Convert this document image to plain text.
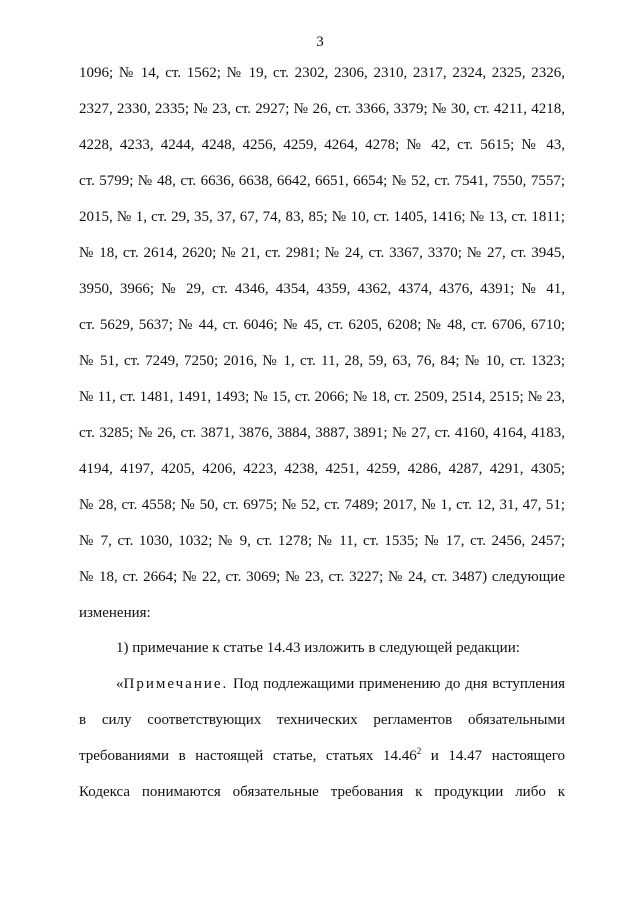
3
1096; № 14, ст. 1562; № 19, ст. 2302, 2306, 2310, 2317, 2324, 2325, 2326,
2327, 2330, 2335; № 23, ст. 2927; № 26, ст. 3366, 3379; № 30, ст. 4211, 4218,
4228, 4233, 4244, 4248, 4256, 4259, 4264, 4278; № 42, ст. 5615; № 43,
ст. 5799; № 48, ст. 6636, 6638, 6642, 6651, 6654; № 52, ст. 7541, 7550, 7557;
2015, № 1, ст. 29, 35, 37, 67, 74, 83, 85; № 10, ст. 1405, 1416; № 13, ст. 1811;
№ 18, ст. 2614, 2620; № 21, ст. 2981; № 24, ст. 3367, 3370; № 27, ст. 3945,
3950, 3966; № 29, ст. 4346, 4354, 4359, 4362, 4374, 4376, 4391; № 41,
ст. 5629, 5637; № 44, ст. 6046; № 45, ст. 6205, 6208; № 48, ст. 6706, 6710;
№ 51, ст. 7249, 7250; 2016, № 1, ст. 11, 28, 59, 63, 76, 84; № 10, ст. 1323;
№ 11, ст. 1481, 1491, 1493; № 15, ст. 2066; № 18, ст. 2509, 2514, 2515; № 23,
ст. 3285; № 26, ст. 3871, 3876, 3884, 3887, 3891; № 27, ст. 4160, 4164, 4183,
4194, 4197, 4205, 4206, 4223, 4238, 4251, 4259, 4286, 4287, 4291, 4305;
№ 28, ст. 4558; № 50, ст. 6975; № 52, ст. 7489; 2017, № 1, ст. 12, 31, 47, 51;
№ 7, ст. 1030, 1032; № 9, ст. 1278; № 11, ст. 1535; № 17, ст. 2456, 2457;
№ 18, ст. 2664; № 22, ст. 3069; № 23, ст. 3227; № 24, ст. 3487) следующие
изменения:
1) примечание к статье 14.43 изложить в следующей редакции:
«Примечание. Под подлежащими применению до дня вступления
в силу соответствующих технических регламентов обязательными
требованиями в настоящей статье, статьях 14.46$^2$ и 14.47 настоящего
Кодекса понимаются обязательные требования к продукции либо к
